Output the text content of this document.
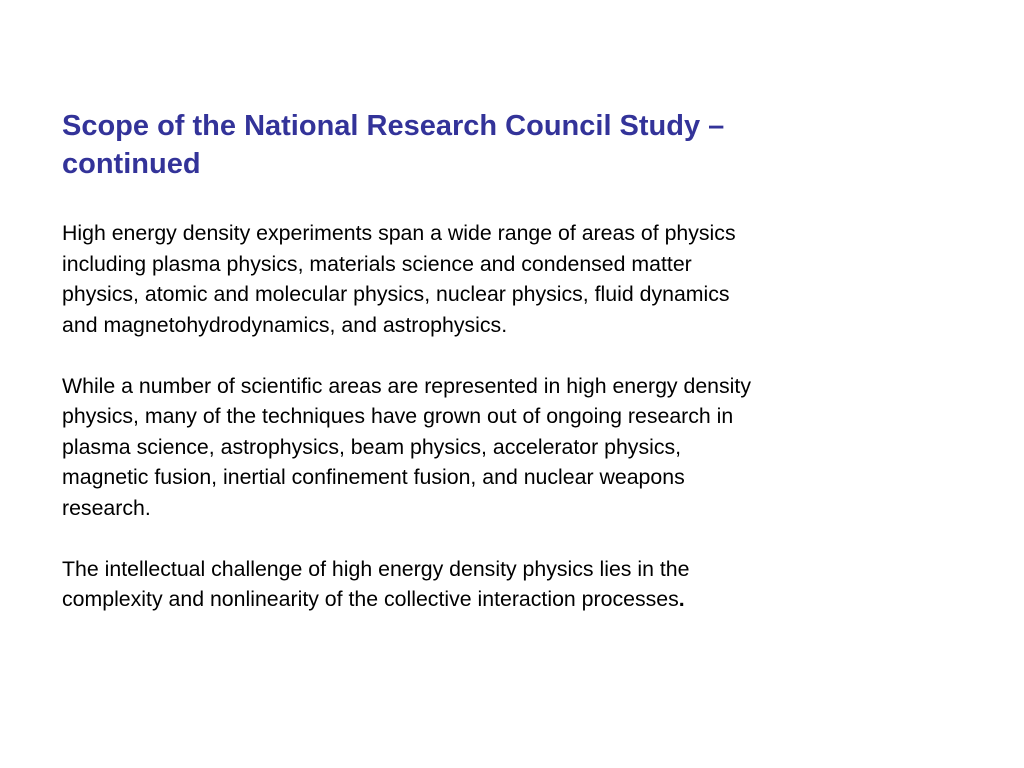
Scope of the National Research Council Study –
continued

High energy density experiments span a wide range of areas of physics
including plasma physics, materials science and condensed matter
physics, atomic and molecular physics, nuclear physics, fluid dynamics
and magnetohydrodynamics, and astrophysics.

While a number of scientific areas are represented in high energy density
physics, many of the techniques have grown out of ongoing research in
plasma science, astrophysics, beam physics, accelerator physics,
magnetic fusion, inertial confinement fusion, and nuclear weapons
research.

The intellectual challenge of high energy density physics lies in the
complexity and nonlinearity of the collective interaction processes.
